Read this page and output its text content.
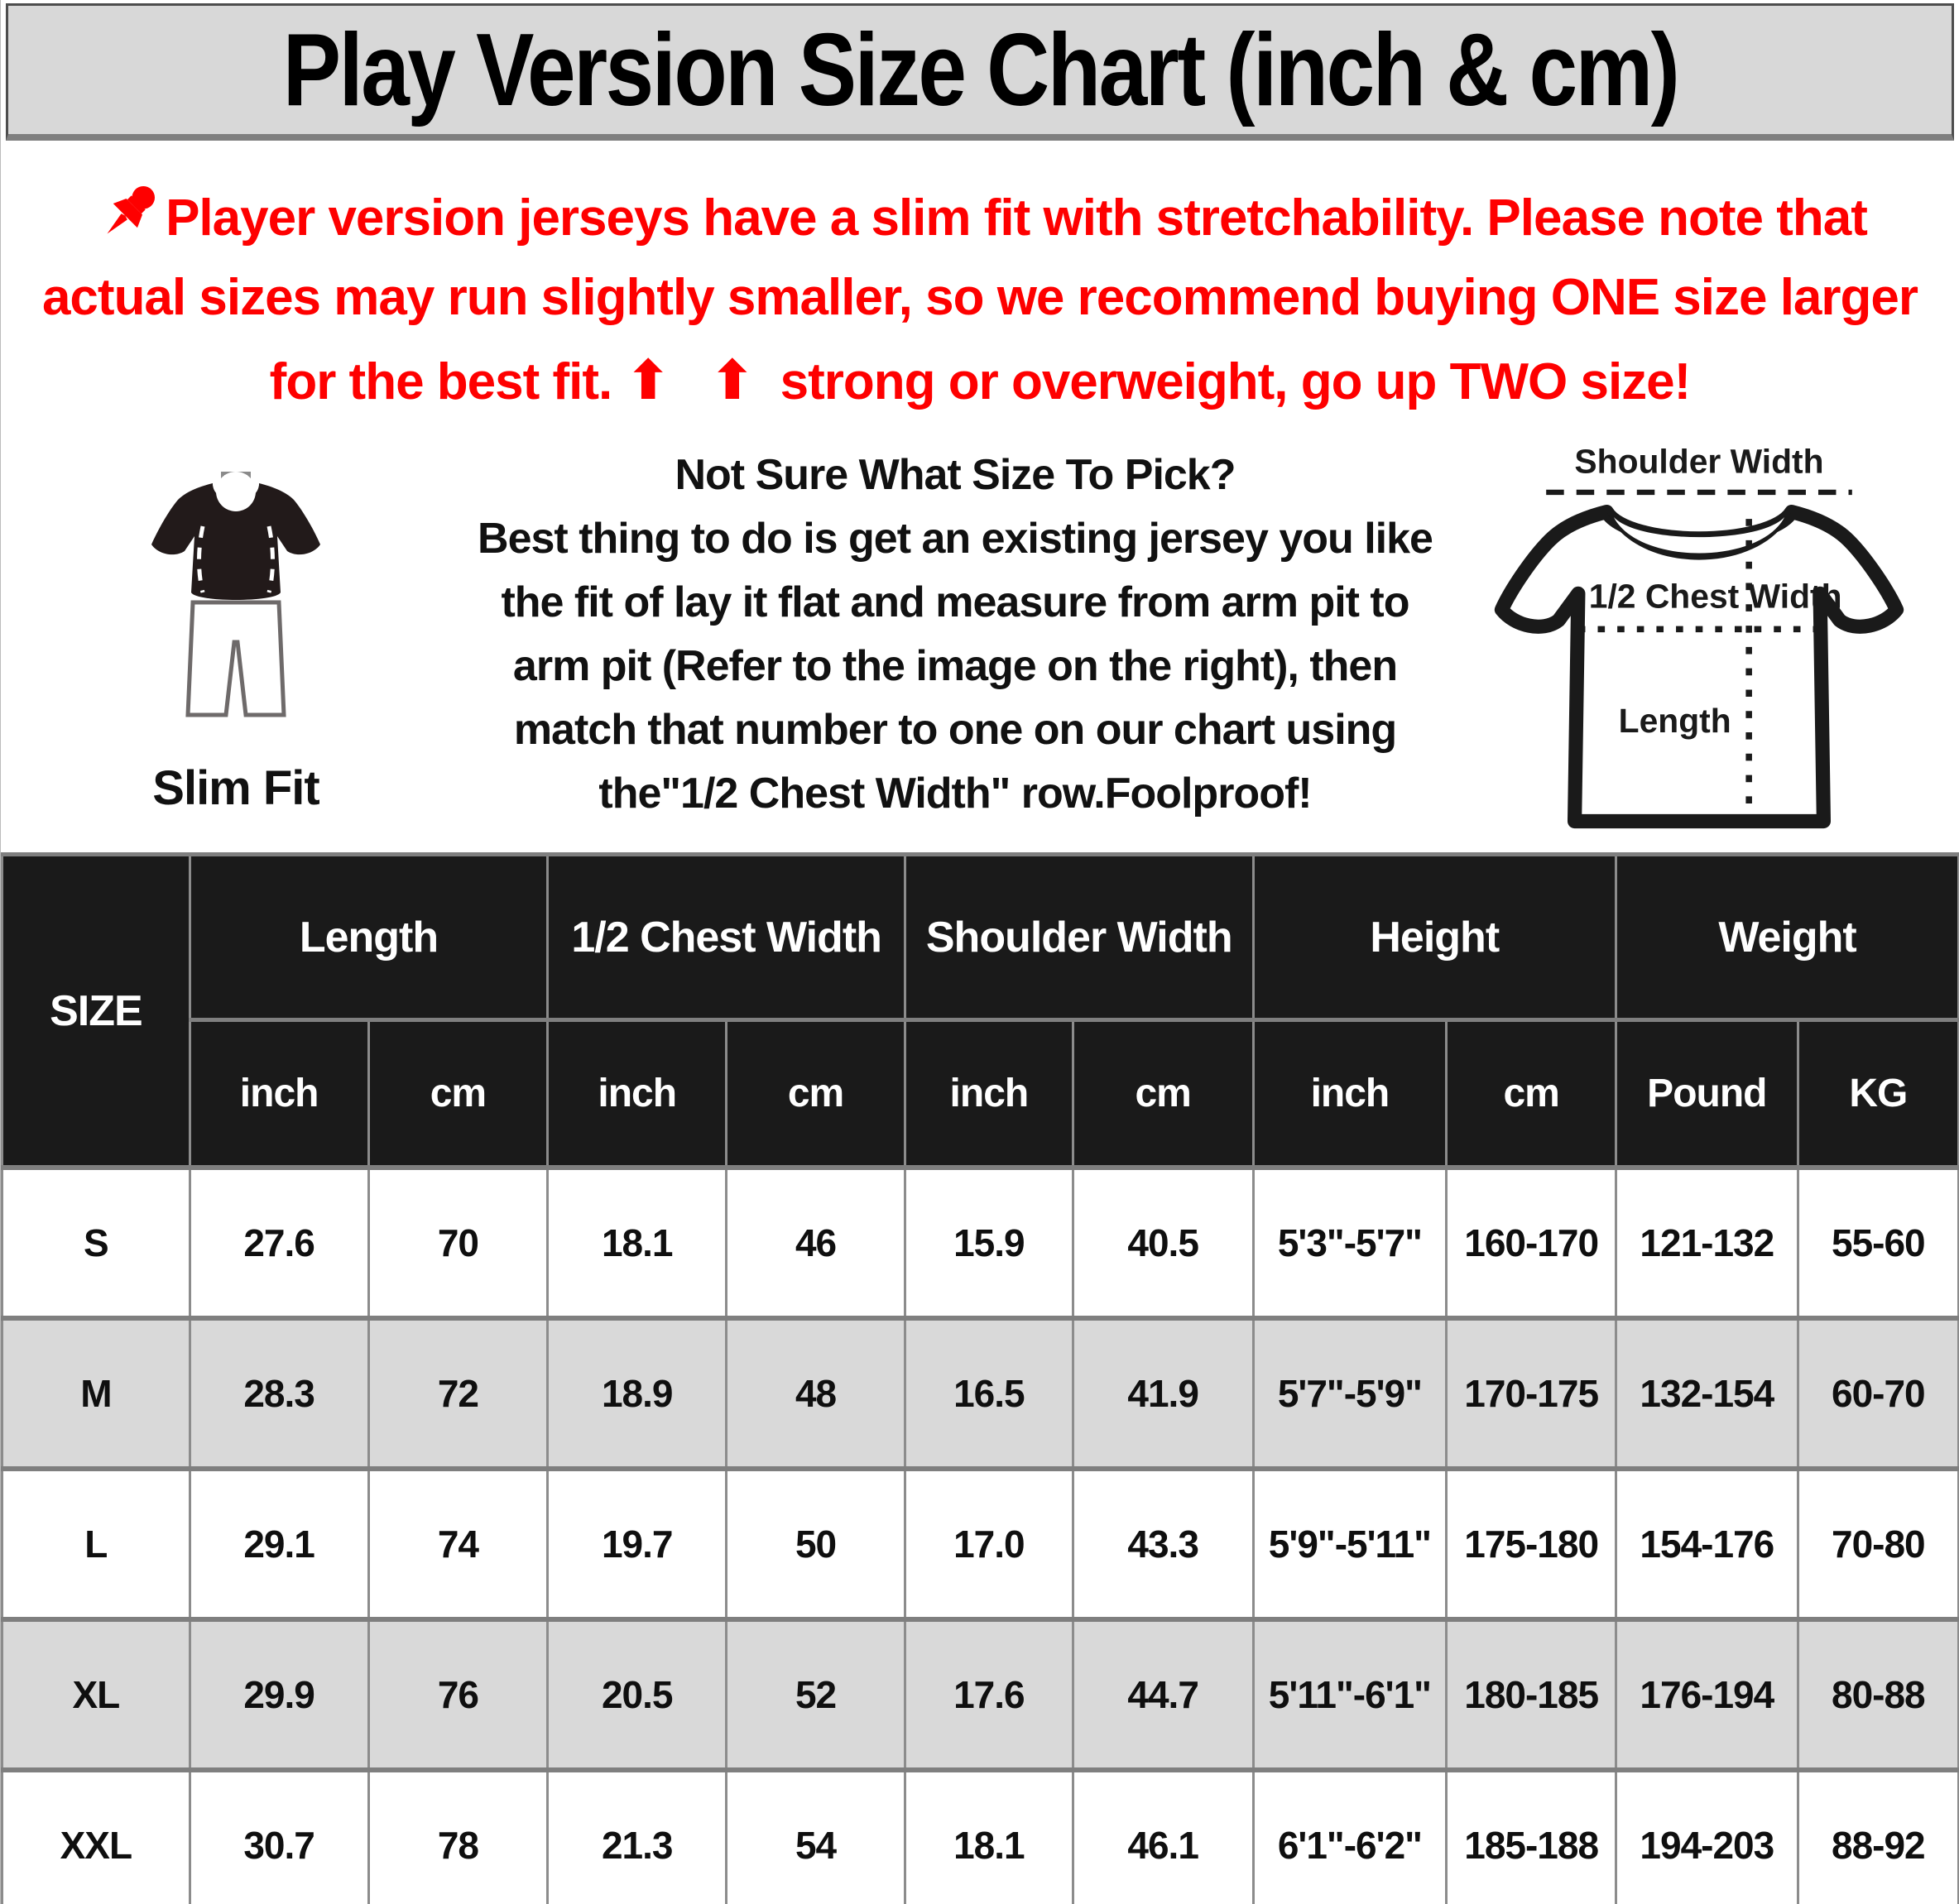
Play Version Size Chart (inch & cm)
Player version jerseys have a slim fit with stretchability. Please note that actual sizes may run slightly smaller, so we recommend buying ONE size larger for the best fit. ⬆ ⬆ strong or overweight, go up TWO size!
Slim Fit
Not Sure What Size To Pick?
Best thing to do is get an existing jersey you like the fit of lay it flat and measure from arm pit to arm pit (Refer to the image on the right), then match that number to one on our chart using the"1/2 Chest Width" row.Foolproof!
Shoulder Width
1/2 Chest Width
Length
SIZE	Length		1/2 Chest Width		Shoulder Width		Height		Weight	
	inch	cm	inch	cm	inch	cm	inch	cm	Pound	KG
S	27.6	70	18.1	46	15.9	40.5	5'3"-5'7"	160-170	121-132	55-60
M	28.3	72	18.9	48	16.5	41.9	5'7"-5'9"	170-175	132-154	60-70
L	29.1	74	19.7	50	17.0	43.3	5'9"-5'11"	175-180	154-176	70-80
XL	29.9	76	20.5	52	17.6	44.7	5'11"-6'1"	180-185	176-194	80-88
XXL	30.7	78	21.3	54	18.1	46.1	6'1"-6'2"	185-188	194-203	88-92
